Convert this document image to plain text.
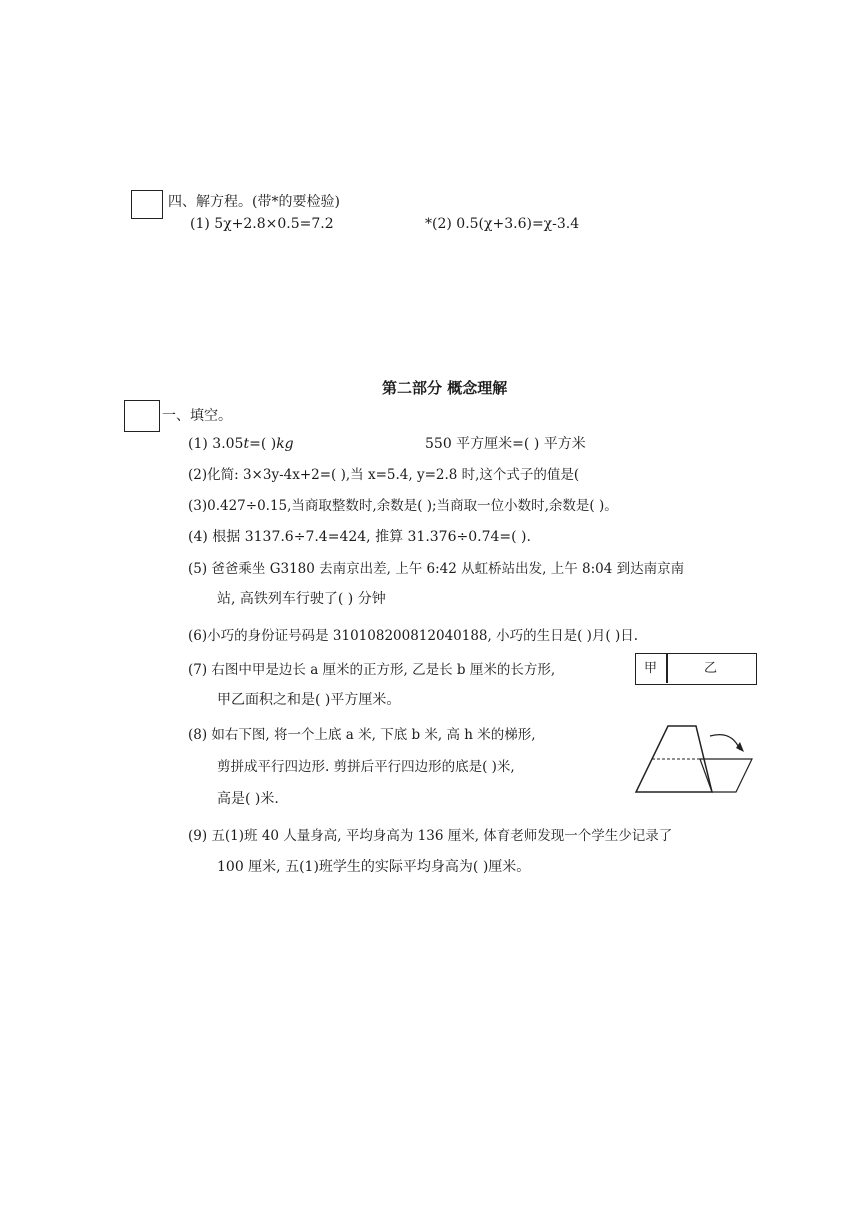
四、解方程。(带*的要检验)
(1) 5χ+2.8×0.5=7.2	*(2) 0.5(χ+3.6)=χ-3.4
第二部分 概念理解
一、填空。
(1) 3.05t=( )kg	550 平方厘米=( ) 平方米
(2)化简: 3×3y-4x+2=( ),当 x=5.4, y=2.8 时,这个式子的值是(
(3)0.427÷0.15,当商取整数时,余数是( );当商取一位小数时,余数是( )。
(4) 根据 3137.6÷7.4=424, 推算 31.376÷0.74=( ).
(5) 爸爸乘坐 G3180 去南京出差, 上午 6:42 从虹桥站出发, 上午 8:04 到达南京南
站, 高铁列车行驶了( ) 分钟
(6)小巧的身份证号码是 310108200812040188, 小巧的生日是( )月( )日.
(7) 右图中甲是边长 a 厘米的正方形, 乙是长 b 厘米的长方形,
甲乙面积之和是( )平方厘米。
甲	乙
(8) 如右下图, 将一个上底 a 米, 下底 b 米, 高 h 米的梯形,
剪拼成平行四边形. 剪拼后平行四边形的底是( )米,
高是( )米.
(9) 五(1)班 40 人量身高, 平均身高为 136 厘米, 体育老师发现一个学生少记录了
100 厘米, 五(1)班学生的实际平均身高为( )厘米。
